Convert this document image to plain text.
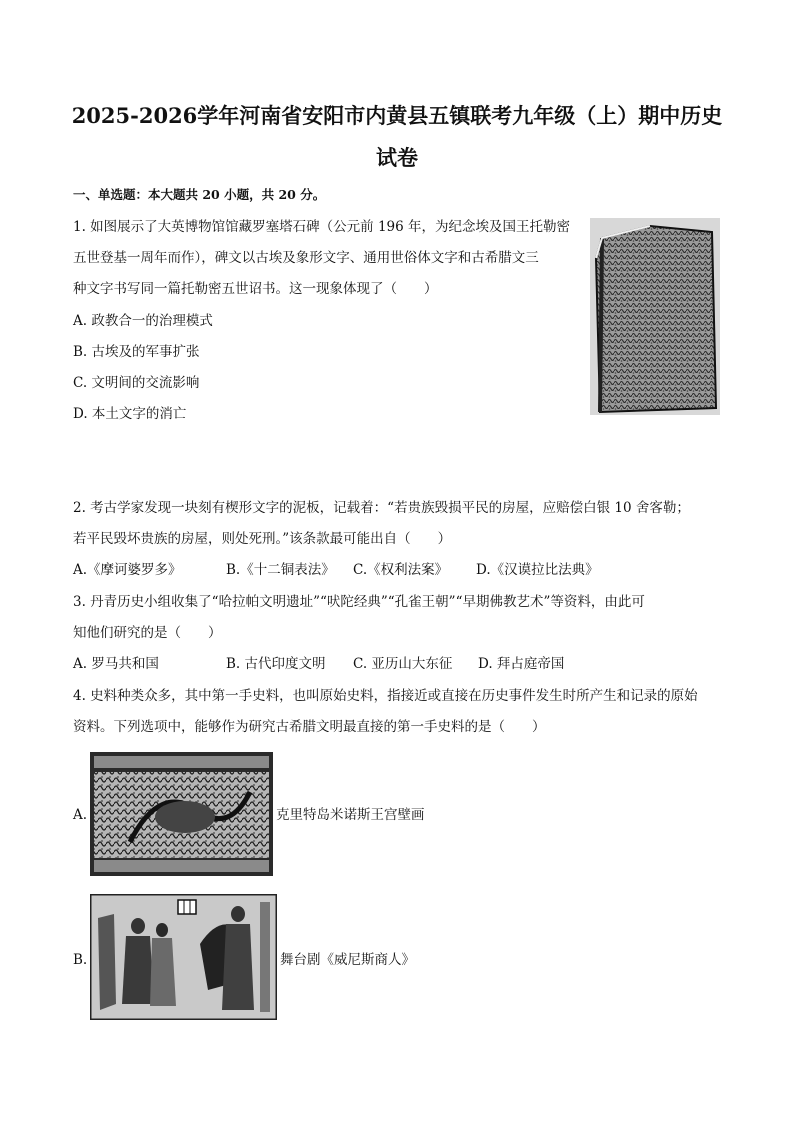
2025-2026学年河南省安阳市内黄县五镇联考九年级（上）期中历史
试卷
一、单选题：本大题共 20 小题，共 20 分。
1. 如图展示了大英博物馆馆藏罗塞塔石碑（公元前 196 年，为纪念埃及国王托勒密
五世登基一周年而作），碑文以古埃及象形文字、通用世俗体文字和古希腊文三
种文字书写同一篇托勒密五世诏书。这一现象体现了（　　）
A. 政教合一的治理模式
B. 古埃及的军事扩张
C. 文明间的交流影响
D. 本土文字的消亡
2. 考古学家发现一块刻有楔形文字的泥板，记载着：“若贵族毁损平民的房屋，应赔偿白银 10 舍客勒；
若平民毁坏贵族的房屋，则处死刑。”该条款最可能出自（　　）
A.《摩诃婆罗多》	B.《十二铜表法》 C.《权利法案》 D.《汉谟拉比法典》
3. 丹青历史小组收集了“哈拉帕文明遗址”“吠陀经典”“孔雀王朝”“早期佛教艺术”等资料，由此可
知他们研究的是（　　）
A. 罗马共和国	B. 古代印度文明 C. 亚历山大东征 D. 拜占庭帝国
4. 史料种类众多，其中第一手史料，也叫原始史料，指接近或直接在历史事件发生时所产生和记录的原始
资料。下列选项中，能够作为研究古希腊文明最直接的第一手史料的是（　　）
A.	克里特岛米诺斯王宫壁画
B.	舞台剧《威尼斯商人》
